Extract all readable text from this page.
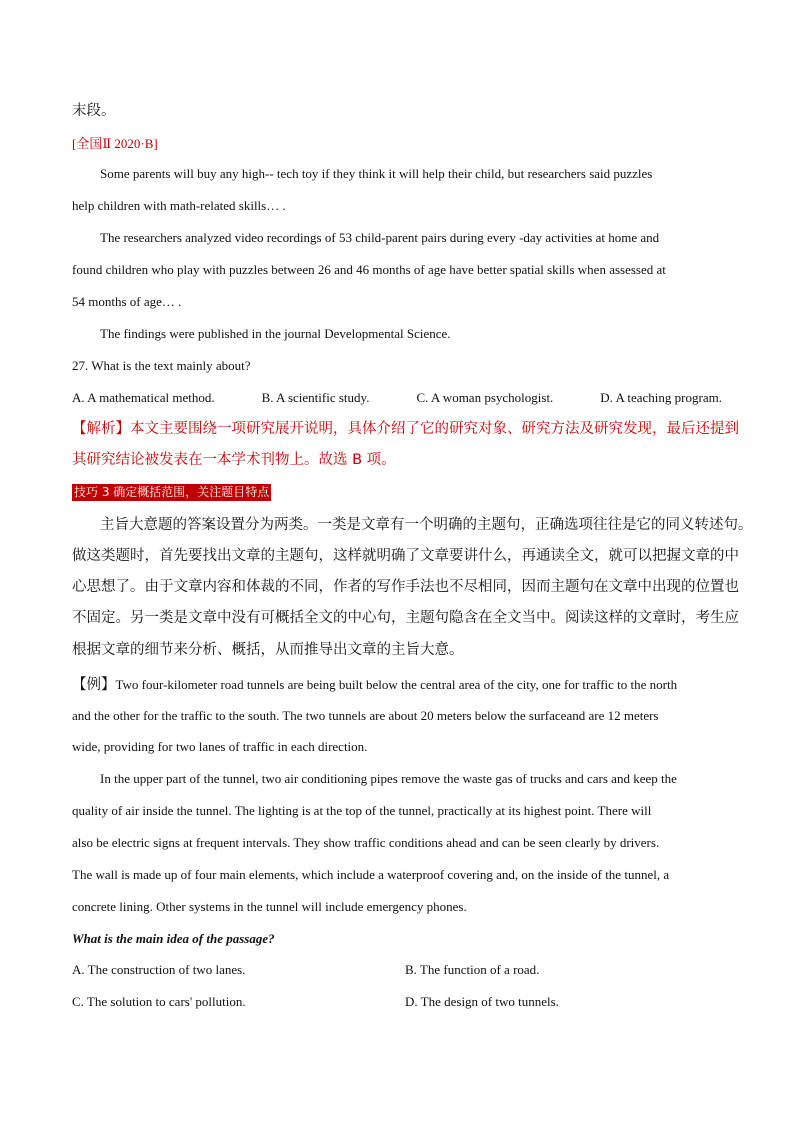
末段。
[全国Ⅱ 2020·B]
Some parents will buy any high-- tech toy if they think it will help their child, but researchers said puzzles
help children with math-related skills… .
The researchers analyzed video recordings of 53 child-parent pairs during every -day activities at home and
found children who play with puzzles between 26 and 46 months of age have better spatial skills when assessed at
54 months of age… .
The findings were published in the journal Developmental Science.
27. What is the text mainly about?
A. A mathematical method.	B. A scientific study.	C. A woman psychologist.	D. A teaching program.
【解析】本文主要围绕一项研究展开说明，具体介绍了它的研究对象、研究方法及研究发现，最后还提到
其研究结论被发表在一本学术刊物上。故选 B 项。
技巧 3 确定概括范围，关注题目特点
主旨大意题的答案设置分为两类。一类是文章有一个明确的主题句，正确选项往往是它的同义转述句。
做这类题时，首先要找出文章的主题句，这样就明确了文章要讲什么，再通读全文，就可以把握文章的中
心思想了。由于文章内容和体裁的不同，作者的写作手法也不尽相同，因而主题句在文章中出现的位置也
不固定。另一类是文章中没有可概括全文的中心句，主题句隐含在全文当中。阅读这样的文章时，考生应
根据文章的细节来分析、概括，从而推导出文章的主旨大意。
【例】Two four-kilometer road tunnels are being built below the central area of the city, one for traffic to the north
and the other for the traffic to the south. The two tunnels are about 20 meters below the surfaceand are 12 meters
wide, providing for two lanes of traffic in each direction.
In the upper part of the tunnel, two air conditioning pipes remove the waste gas of trucks and cars and keep the
quality of air inside the tunnel. The lighting is at the top of the tunnel, practically at its highest point. There will
also be electric signs at frequent intervals. They show traffic conditions ahead and can be seen clearly by drivers.
The wall is made up of four main elements, which include a waterproof covering and, on the inside of the tunnel, a
concrete lining. Other systems in the tunnel will include emergency phones.
What is the main idea of the passage?
A. The construction of two lanes.	B. The function of a road.
C. The solution to cars' pollution.	D. The design of two tunnels.
